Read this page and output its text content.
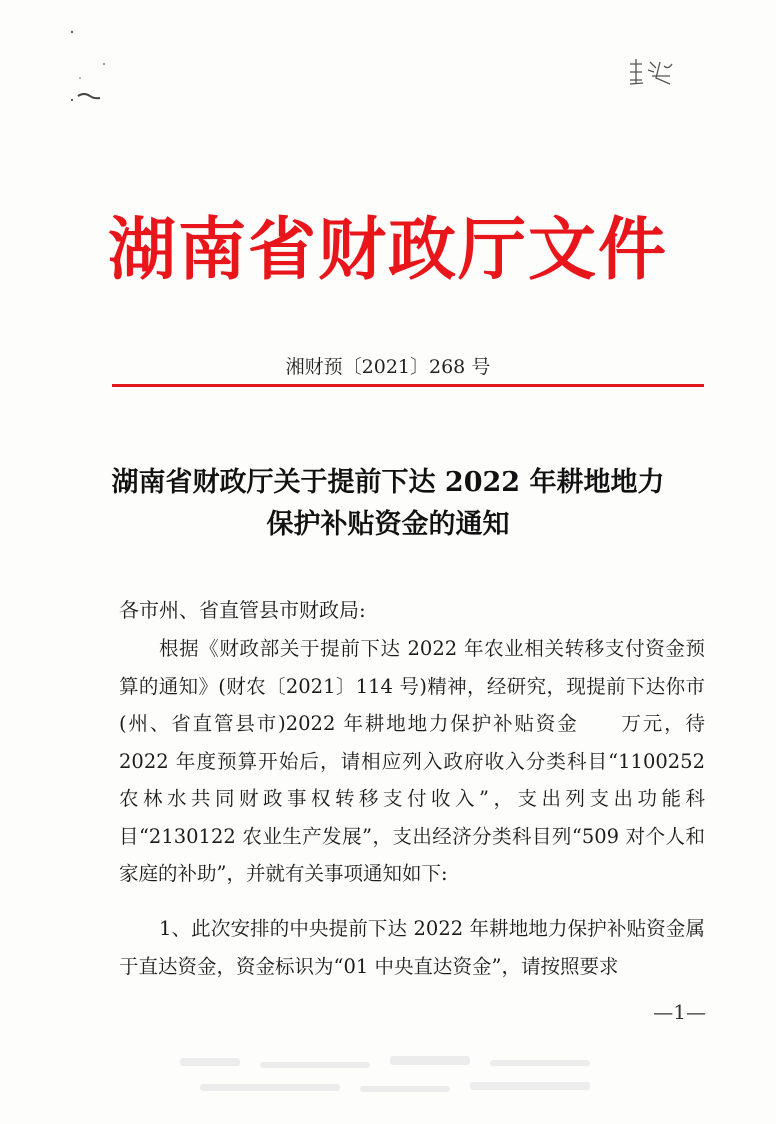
湖南省财政厅文件
湘财预〔2021〕268 号
湖南省财政厅关于提前下达 2022 年耕地地力
保护补贴资金的通知
各市州、省直管县市财政局:

根据《财政部关于提前下达 2022 年农业相关转移支付资金预算的通知》(财农〔2021〕114 号)精神，经研究，现提前下达你市(州、省直管县市)2022 年耕地地力保护补贴资金　　万元，待 2022 年度预算开始后，请相应列入政府收入分类科目“1100252 农林水共同财政事权转移支付收入”，支出列支出功能科目“2130122 农业生产发展”，支出经济分类科目列“509 对个人和家庭的补助”，并就有关事项通知如下:

1、此次安排的中央提前下达 2022 年耕地地力保护补贴资金属于直达资金，资金标识为“01 中央直达资金”，请按照要求

—1—
